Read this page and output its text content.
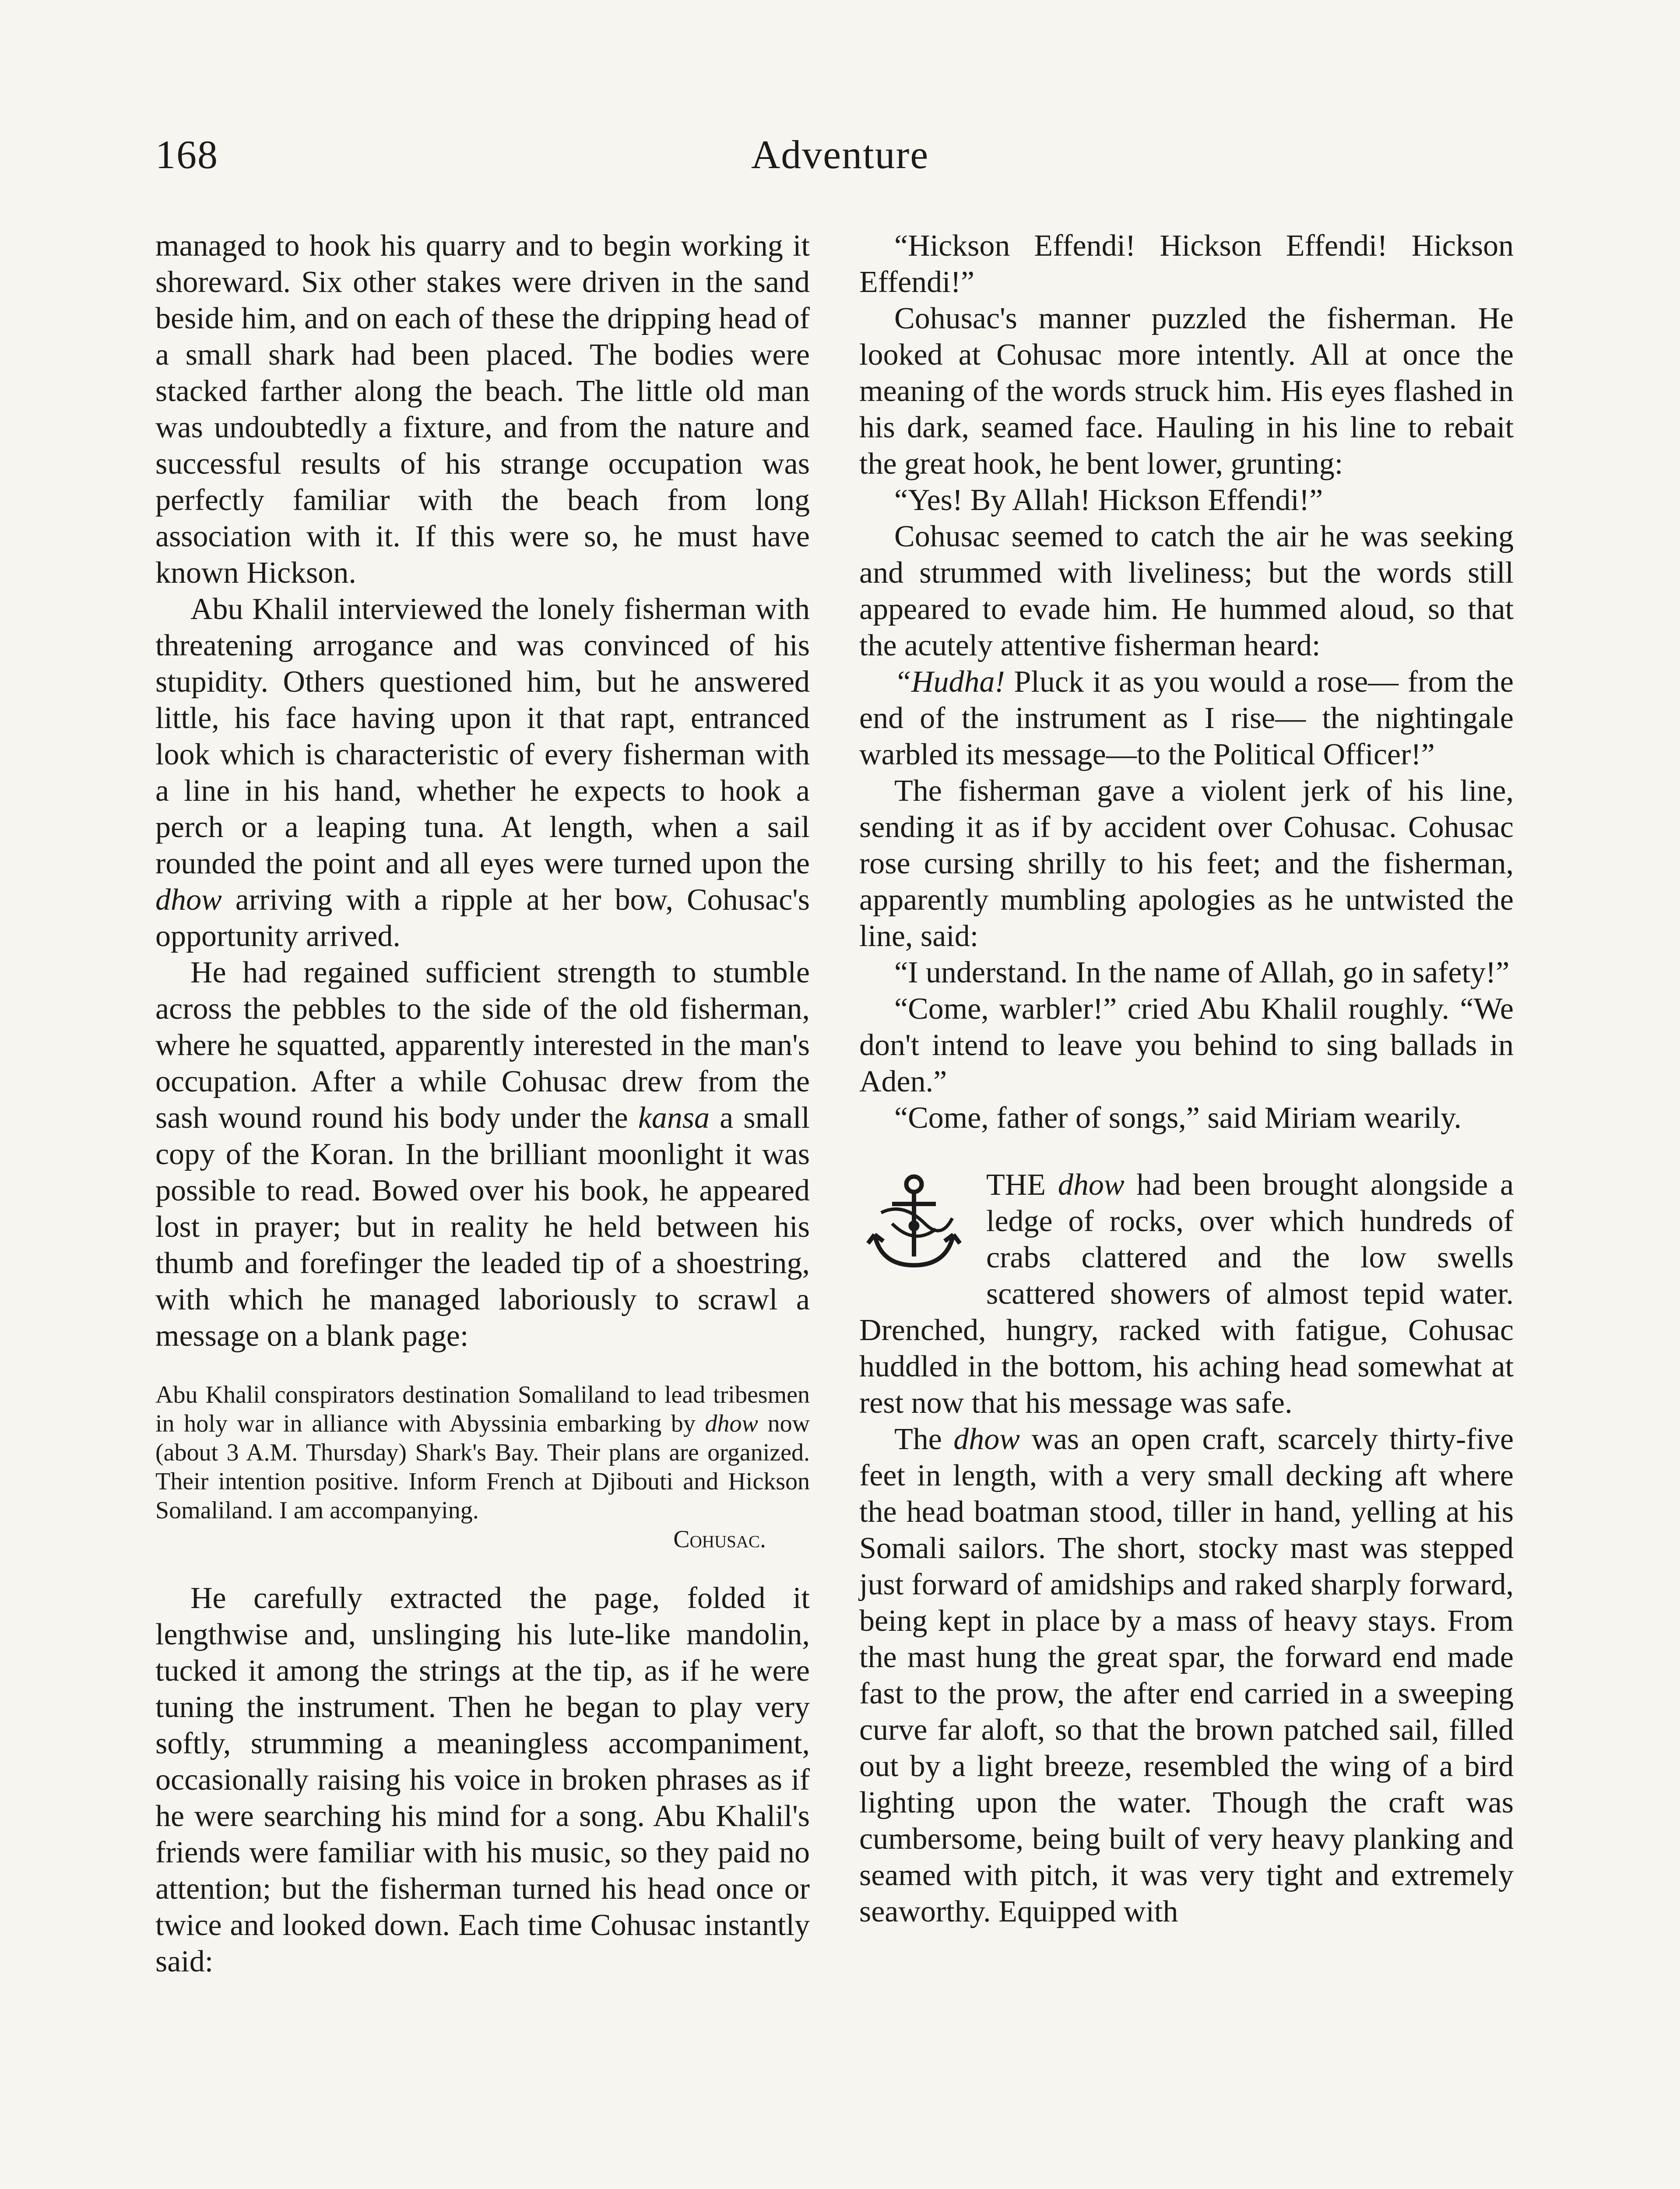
168	Adventure

managed to hook his quarry and to begin working it shoreward. Six other stakes were driven in the sand beside him, and on each of these the dripping head of a small shark had been placed. The bodies were stacked farther along the beach. The little old man was undoubtedly a fixture, and from the nature and successful results of his strange occupation was perfectly familiar with the beach from long association with it. If this were so, he must have known Hickson.

Abu Khalil interviewed the lonely fisherman with threatening arrogance and was convinced of his stupidity. Others questioned him, but he answered little, his face having upon it that rapt, entranced look which is characteristic of every fisherman with a line in his hand, whether he expects to hook a perch or a leaping tuna. At length, when a sail rounded the point and all eyes were turned upon the dhow arriving with a ripple at her bow, Cohusac's opportunity arrived.

He had regained sufficient strength to stumble across the pebbles to the side of the old fisherman, where he squatted, apparently interested in the man's occupation. After a while Cohusac drew from the sash wound round his body under the kansa a small copy of the Koran. In the brilliant moonlight it was possible to read. Bowed over his book, he appeared lost in prayer; but in reality he held between his thumb and forefinger the leaded tip of a shoestring, with which he managed laboriously to scrawl a message on a blank page:

Abu Khalil conspirators destination Somaliland to lead tribesmen in holy war in alliance with Abyssinia embarking by dhow now (about 3 A.M. Thursday) Shark's Bay. Their plans are organized. Their intention positive. Inform French at Djibouti and Hickson Somaliland. I am accompanying.
Cohusac.

He carefully extracted the page, folded it lengthwise and, unslinging his lute-like mandolin, tucked it among the strings at the tip, as if he were tuning the instrument. Then he began to play very softly, strumming a meaningless accompaniment, occasionally raising his voice in broken phrases as if he were searching his mind for a song. Abu Khalil's friends were familiar with his music, so they paid no attention; but the fisherman turned his head once or twice and looked down. Each time Cohusac instantly said:

“Hickson Effendi! Hickson Effendi! Hickson Effendi!”

Cohusac's manner puzzled the fisherman. He looked at Cohusac more intently. All at once the meaning of the words struck him. His eyes flashed in his dark, seamed face. Hauling in his line to rebait the great hook, he bent lower, grunting:

“Yes! By Allah! Hickson Effendi!”

Cohusac seemed to catch the air he was seeking and strummed with liveliness; but the words still appeared to evade him. He hummed aloud, so that the acutely attentive fisherman heard:

“Hudha! Pluck it as you would a rose— from the end of the instrument as I rise— the nightingale warbled its message—to the Political Officer!”

The fisherman gave a violent jerk of his line, sending it as if by accident over Cohusac. Cohusac rose cursing shrilly to his feet; and the fisherman, apparently mumbling apologies as he untwisted the line, said:

“I understand. In the name of Allah, go in safety!”

“Come, warbler!” cried Abu Khalil roughly. “We don't intend to leave you behind to sing ballads in Aden.”

“Come, father of songs,” said Miriam wearily.

THE dhow had been brought alongside a ledge of rocks, over which hundreds of crabs clattered and the low swells scattered showers of almost tepid water. Drenched, hungry, racked with fatigue, Cohusac huddled in the bottom, his aching head somewhat at rest now that his message was safe.

The dhow was an open craft, scarcely thirty-five feet in length, with a very small decking aft where the head boatman stood, tiller in hand, yelling at his Somali sailors. The short, stocky mast was stepped just forward of amidships and raked sharply forward, being kept in place by a mass of heavy stays. From the mast hung the great spar, the forward end made fast to the prow, the after end carried in a sweeping curve far aloft, so that the brown patched sail, filled out by a light breeze, resembled the wing of a bird lighting upon the water. Though the craft was cumbersome, being built of very heavy planking and seamed with pitch, it was very tight and extremely seaworthy. Equipped with
